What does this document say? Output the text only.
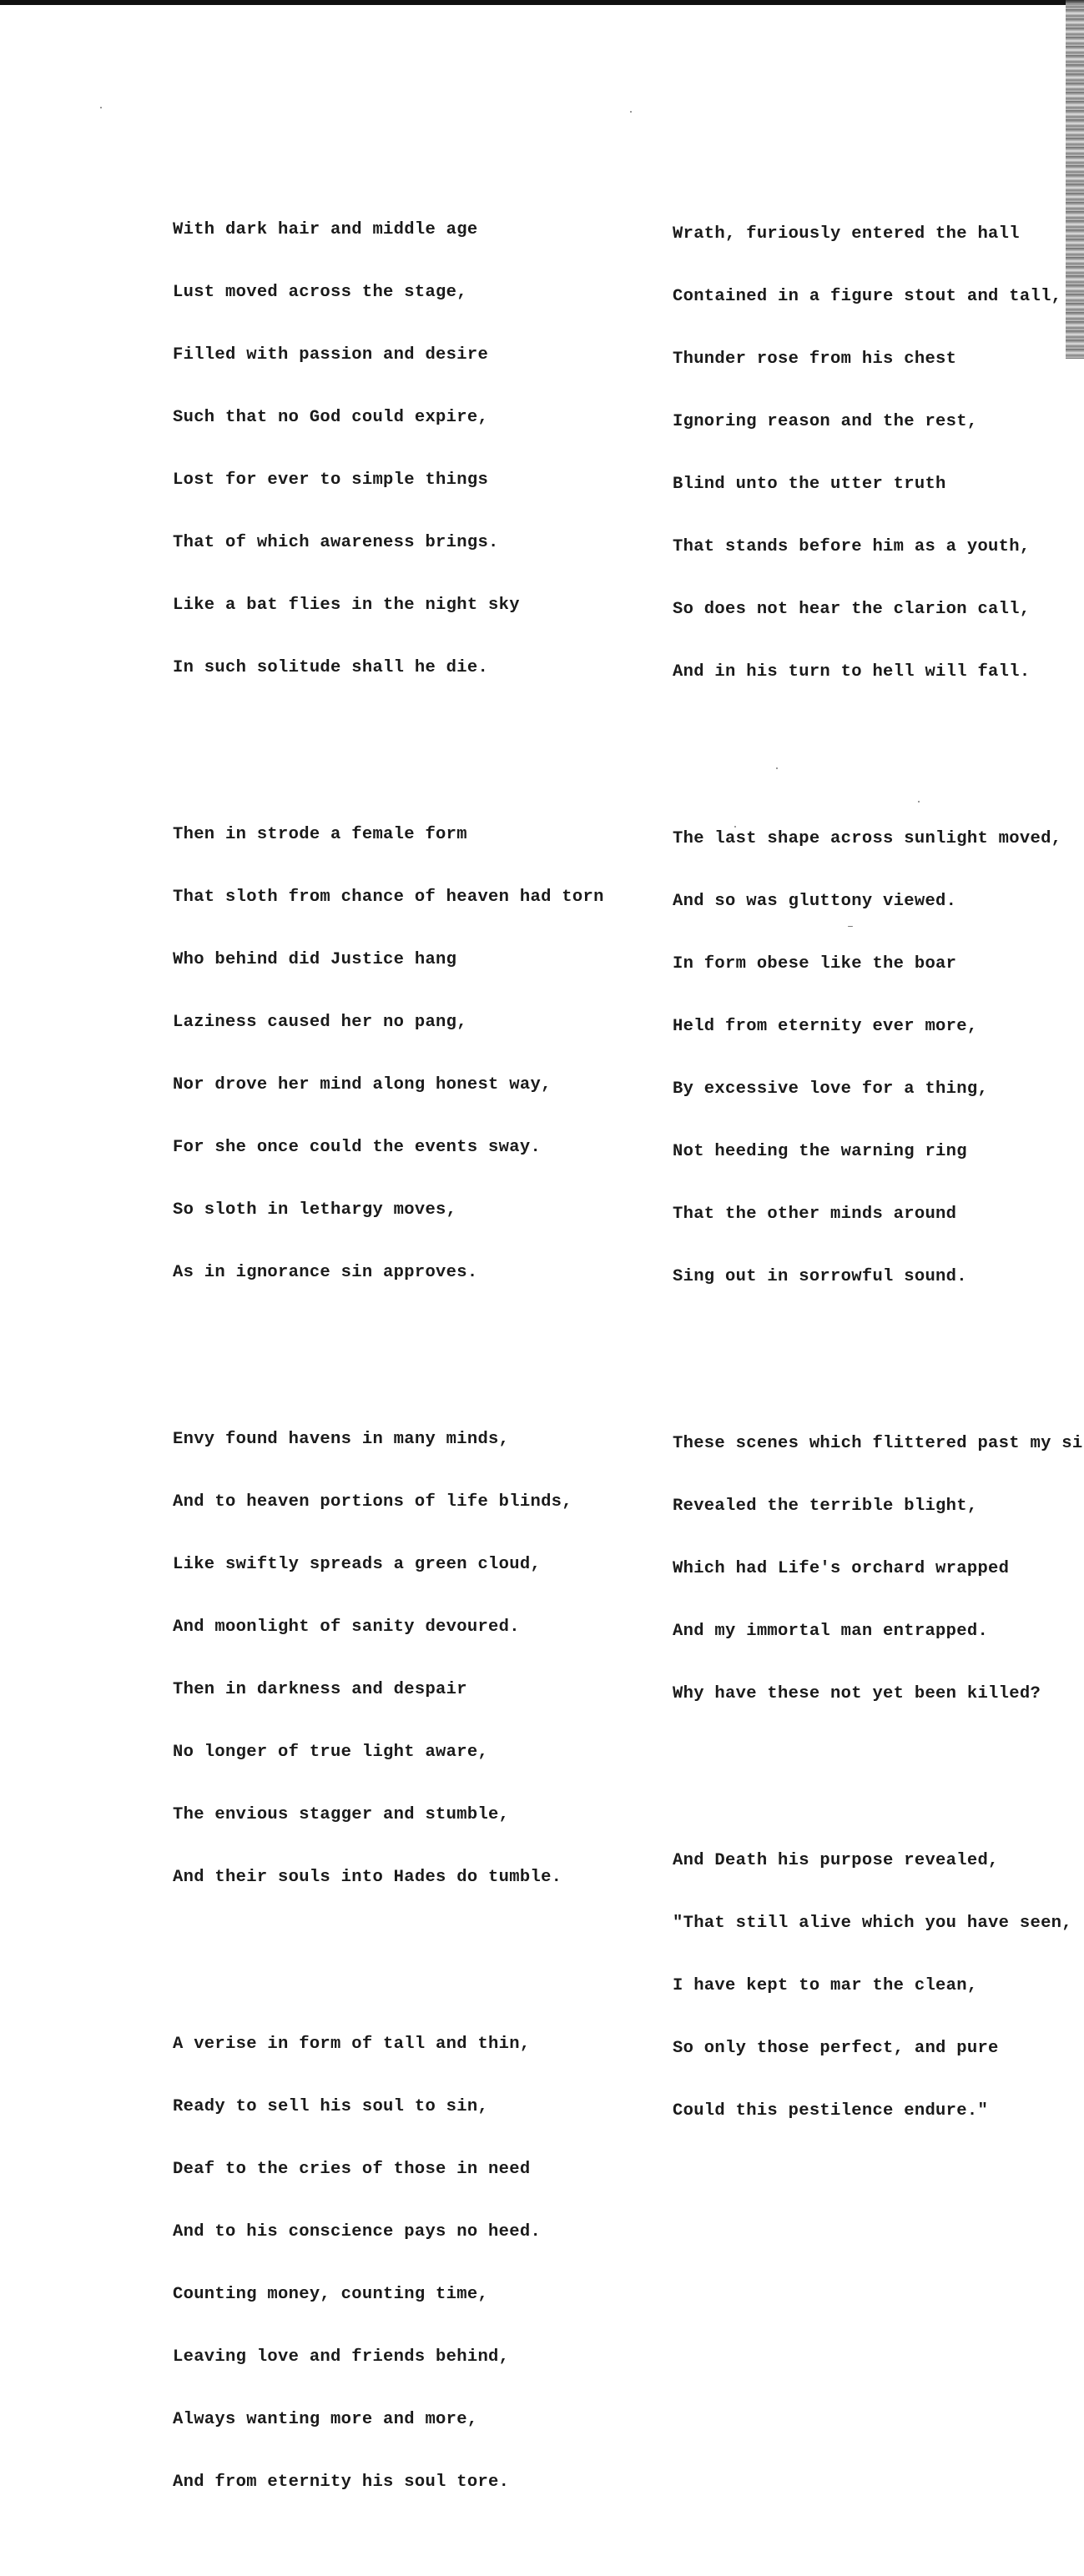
With dark hair and middle age

Lust moved across the stage,

Filled with passion and desire

Such that no God could expire,

Lost for ever to simple things

That of which awareness brings.

Like a bat flies in the night sky

In such solitude shall he die.

Then in strode a female form

That sloth from chance of heaven had torn

Who behind did Justice hang

Laziness caused her no pang,

Nor drove her mind along honest way,

For she once could the events sway.

So sloth in lethargy moves,

As in ignorance sin approves.

Envy found havens in many minds,

And to heaven portions of life blinds,

Like swiftly spreads a green cloud,

And moonlight of sanity devoured.

Then in darkness and despair

No longer of true light aware,

The envious stagger and stumble,

And their souls into Hades do tumble.

A verise in form of tall and thin,

Ready to sell his soul to sin,

Deaf to the cries of those in need

And to his conscience pays no heed.

Counting money, counting time,

Leaving love and friends behind,

Always wanting more and more,

And from eternity his soul tore.

Wrath, furiously entered the hall

Contained in a figure stout and tall,

Thunder rose from his chest

Ignoring reason and the rest,

Blind unto the utter truth

That stands before him as a youth,

So does not hear the clarion call,

And in his turn to hell will fall.

The last shape across sunlight moved,

And so was gluttony viewed.

In form obese like the boar

Held from eternity ever more,

By excessive love for a thing,

Not heeding the warning ring

That the other minds around

Sing out in sorrowful sound.

These scenes which flittered past my si

Revealed the terrible blight,

Which had Life's orchard wrapped

And my immortal man entrapped.

Why have these not yet been killed?

And Death his purpose revealed,

"That still alive which you have seen,

I have kept to mar the clean,

So only those perfect, and pure

Could this pestilence endure."
